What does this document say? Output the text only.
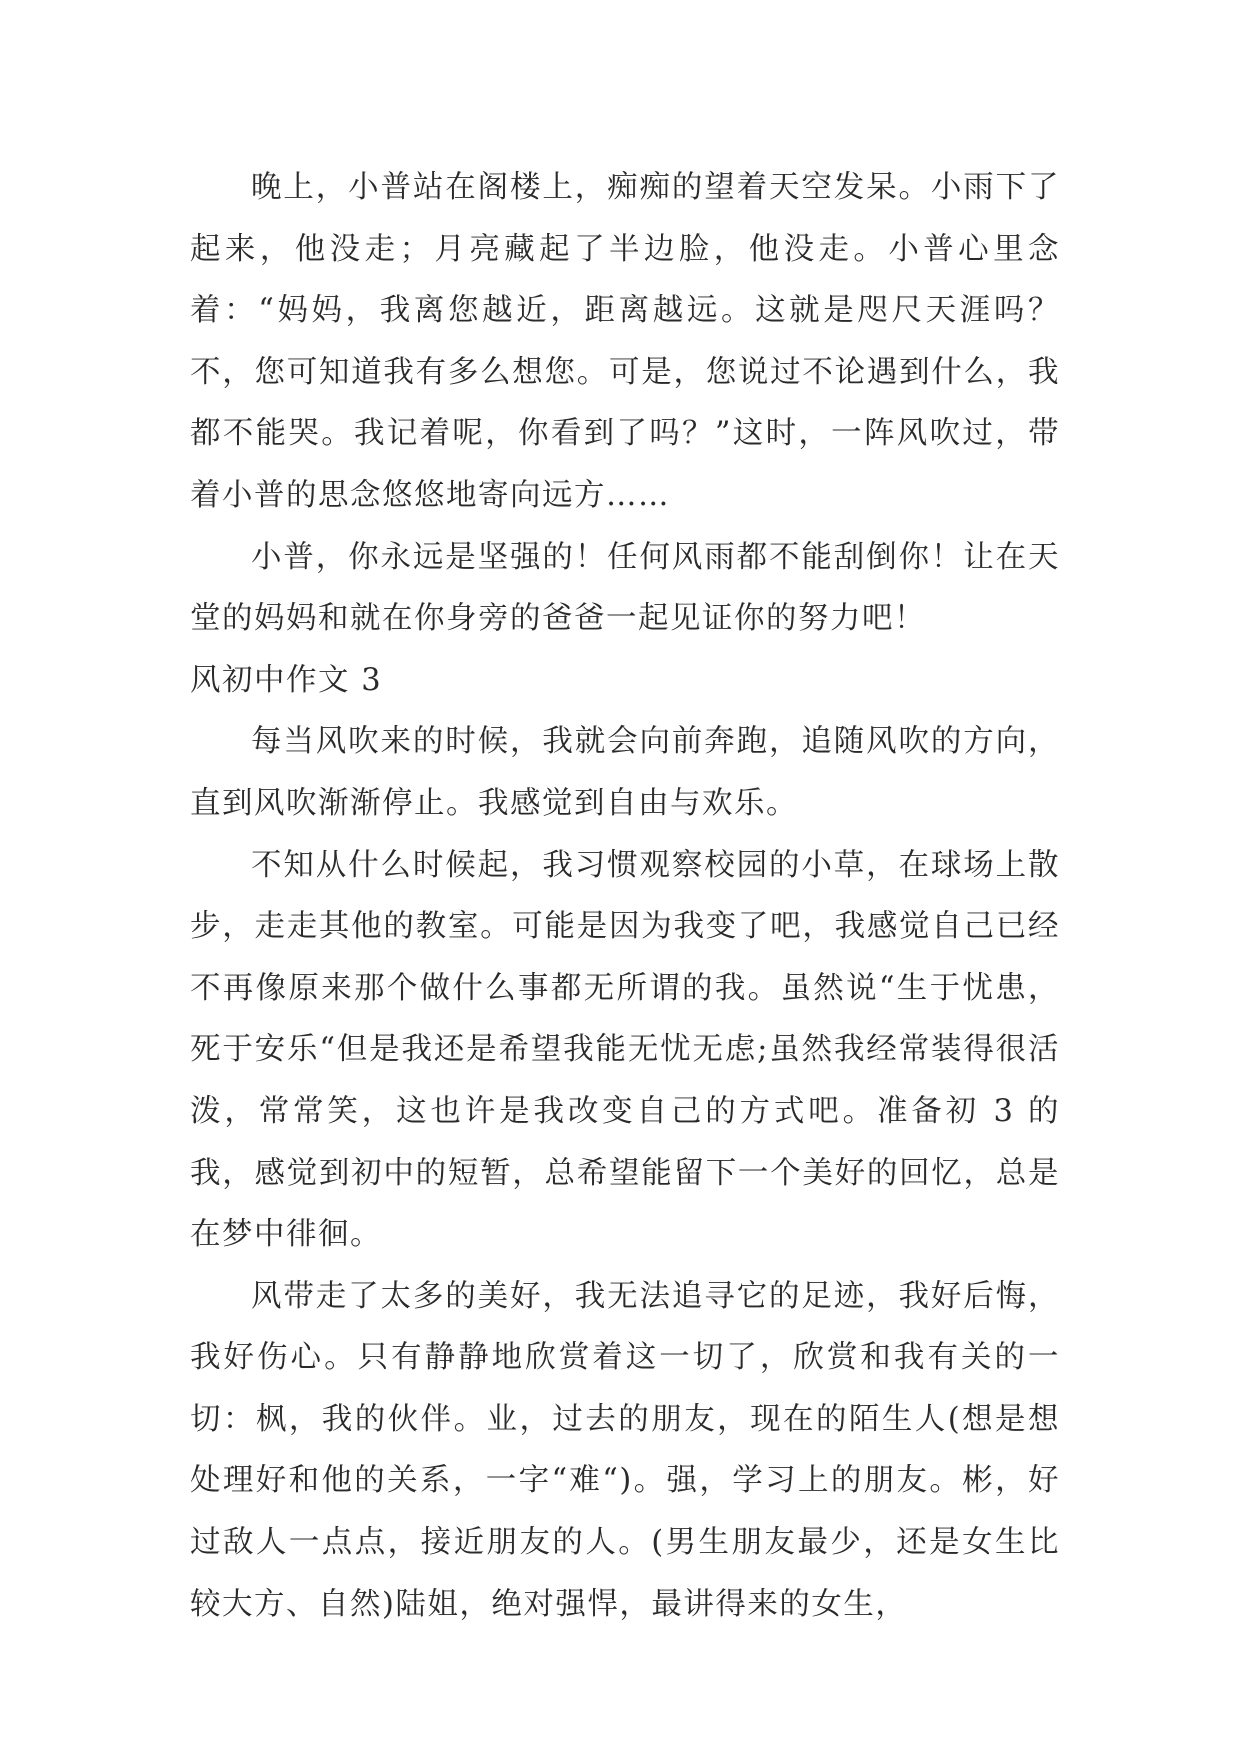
晚上，小普站在阁楼上，痴痴的望着天空发呆。小雨下了起来，他没走；月亮藏起了半边脸，他没走。小普心里念着：“妈妈，我离您越近，距离越远。这就是咫尺天涯吗？不，您可知道我有多么想您。可是，您说过不论遇到什么，我都不能哭。我记着呢，你看到了吗？”这时，一阵风吹过，带着小普的思念悠悠地寄向远方……

小普，你永远是坚强的！任何风雨都不能刮倒你！让在天堂的妈妈和就在你身旁的爸爸一起见证你的努力吧！

风初中作文 3

每当风吹来的时候，我就会向前奔跑，追随风吹的方向，直到风吹渐渐停止。我感觉到自由与欢乐。

不知从什么时候起，我习惯观察校园的小草，在球场上散步，走走其他的教室。可能是因为我变了吧，我感觉自己已经不再像原来那个做什么事都无所谓的我。虽然说“生于忧患，死于安乐“但是我还是希望我能无忧无虑;虽然我经常装得很活泼，常常笑，这也许是我改变自己的方式吧。准备初 3 的我，感觉到初中的短暂，总希望能留下一个美好的回忆，总是在梦中徘徊。

风带走了太多的美好，我无法追寻它的足迹，我好后悔，我好伤心。只有静静地欣赏着这一切了，欣赏和我有关的一切：枫，我的伙伴。业，过去的朋友，现在的陌生人(想是想处理好和他的关系，一字“难“)。强，学习上的朋友。彬，好过敌人一点点，接近朋友的人。(男生朋友最少，还是女生比较大方、自然)陆姐，绝对强悍，最讲得来的女生，
